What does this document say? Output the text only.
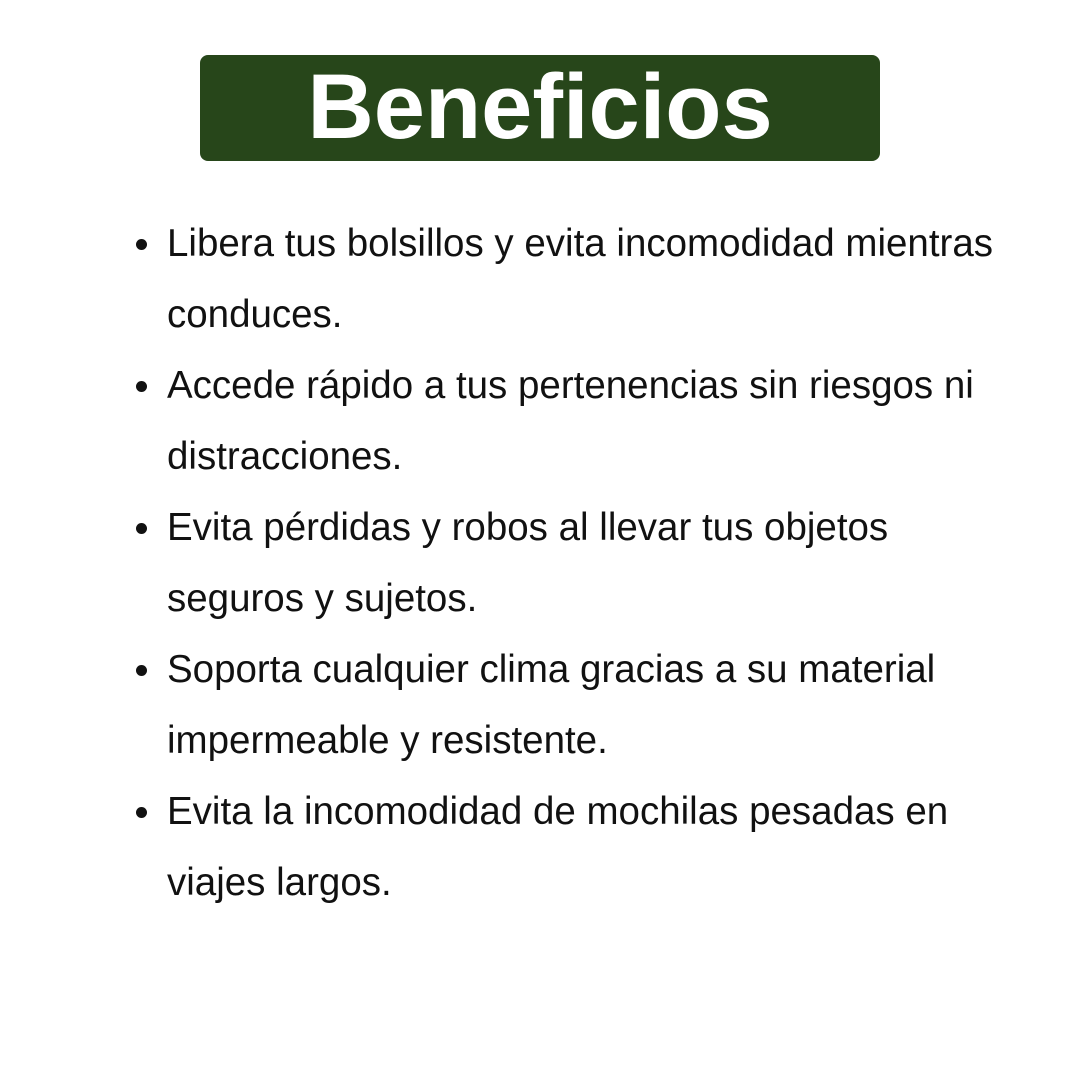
Beneficios
Libera tus bolsillos y evita incomodidad mientras conduces.
Accede rápido a tus pertenencias sin riesgos ni distracciones.
Evita pérdidas y robos al llevar tus objetos seguros y sujetos.
Soporta cualquier clima gracias a su material impermeable y resistente.
Evita la incomodidad de mochilas pesadas en viajes largos.
